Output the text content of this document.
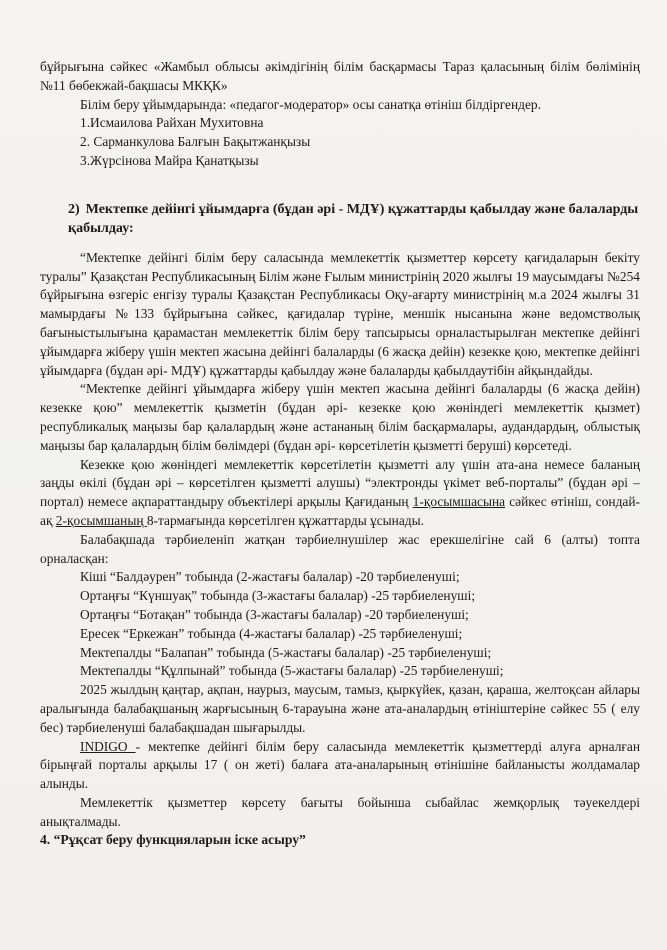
бұйрығына сәйкес «Жамбыл облысы әкімдігінің білім басқармасы Тараз қаласының білім бөлімінің №11 бөбекжай-бақшасы МКҚК»

Білім беру ұйымдарында: «педагог-модератор» осы санатқа өтініш білдіргендер.

1.Исмаилова Райхан Мухитовна

2. Сарманкулова Балғын Бақытжанқызы

3.Жүрсінова Майра Қанатқызы

2) Мектепке дейінгі ұйымдарға (бұдан әрі - МДҰ) құжаттарды қабылдау және балаларды қабылдау:

“Мектепке дейінгі білім беру саласында мемлекеттік қызметтер көрсету қағидаларын бекіту туралы” Қазақстан Республикасының Білім және Ғылым министрінің 2020 жылғы 19 маусымдағы №254 бұйрығына өзгеріс енгізу туралы Қазақстан Республикасы Оқу-ағарту министрінің м.а 2024 жылғы 31 мамырдағы №133 бұйрығына сәйкес, қағидалар түріне, меншік нысанына және ведомстволық бағыныстылығына қарамастан мемлекеттік білім беру тапсырысы орналастырылған мектепке дейінгі ұйымдарға жіберу үшін мектеп жасына дейінгі балаларды (6 жасқа дейін) кезекке қою, мектепке дейінгі ұйымдарға (бұдан әрі- МДҰ) құжаттарды қабылдау және балаларды қабылдаутібін айқындайды.

“Мектепке дейінгі ұйымдарға жіберу үшін мектеп жасына дейінгі балаларды (6 жасқа дейін) кезекке қою” мемлекеттік қызметін (бұдан әрі- кезекке қою жөніндегі мемлекеттік қызмет) республикалық маңызы бар қалалардың және астананың білім басқармалары, аудандардың, облыстық маңызы бар қалалардың білім бөлімдері (бұдан әрі- көрсетілетін қызметті беруші) көрсетеді.

Кезекке қою жөніндегі мемлекеттік көрсетілетін қызметті алу үшін ата-ана немесе баланың заңды өкілі (бұдан әрі – көрсетілген қызметті алушы) “электронды үкімет веб-порталы” (бұдан әрі –портал) немесе ақпараттандыру объектілері арқылы Қағиданың 1-қосымшасына сәйкес өтініш, сондай-ақ 2-қосымшаның 8-тармағында көрсетілген құжаттарды ұсынады.

Балабақшада тәрбиеленіп жатқан тәрбиелнушілер жас ерекшелігіне сай 6 (алты) топта орналасқан:

Кіші “Балдәурен” тобында (2-жастағы балалар) -20 тәрбиеленуші;

Ортаңғы “Күншуақ” тобында (3-жастағы балалар) -25 тәрбиеленуші;

Ортаңғы “Ботақан” тобында (3-жастағы балалар) -20 тәрбиеленуші;

Ересек “Еркежан” тобында (4-жастағы балалар) -25 тәрбиеленуші;

Мектепалды “Балапан” тобында (5-жастағы балалар) -25 тәрбиеленуші;

Мектепалды “Құлпынай” тобында (5-жастағы балалар) -25 тәрбиеленуші;

2025 жылдың қаңтар, ақпан, наурыз, маусым, тамыз, қыркүйек, қазан, қараша, желтоқсан айлары аралығында балабақшаның жарғысының 6-тарауына және ата-аналардың өтініштеріне сәйкес 55 ( елу бес) тәрбиеленуші балабақшадан шығарылды.

INDIGO - мектепке дейінгі білім беру саласында мемлекеттік қызметтерді алуға арналған бірыңғай порталы арқылы 17 ( он жеті) балаға ата-аналарының өтінішіне байланысты жолдамалар алынды.

Мемлекеттік қызметтер көрсету бағыты бойынша сыбайлас жемқорлық тәуекелдері анықталмады.

4. “Рұқсат беру функцияларын іске асыру”
